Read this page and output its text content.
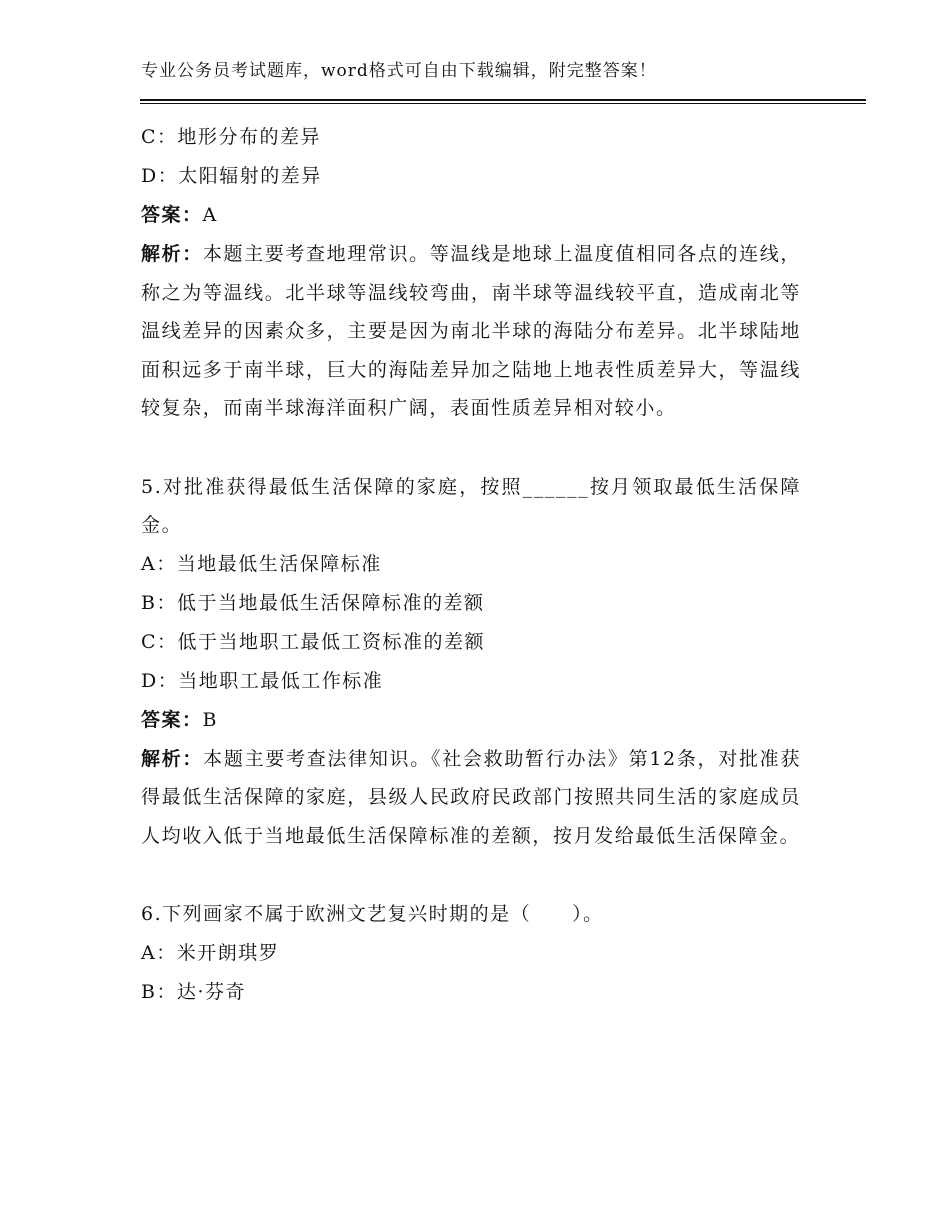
专业公务员考试题库，word格式可自由下载编辑，附完整答案！
C：地形分布的差异
D：太阳辐射的差异
答案：A
解析：本题主要考查地理常识。等温线是地球上温度值相同各点的连线，称之为等温线。北半球等温线较弯曲，南半球等温线较平直，造成南北等温线差异的因素众多，主要是因为南北半球的海陆分布差异。北半球陆地面积远多于南半球，巨大的海陆差异加之陆地上地表性质差异大，等温线较复杂，而南半球海洋面积广阔，表面性质差异相对较小。
5.对批准获得最低生活保障的家庭，按照______按月领取最低生活保障金。
A：当地最低生活保障标准
B：低于当地最低生活保障标准的差额
C：低于当地职工最低工资标准的差额
D：当地职工最低工作标准
答案：B
解析：本题主要考查法律知识。《社会救助暂行办法》第12条，对批准获得最低生活保障的家庭，县级人民政府民政部门按照共同生活的家庭成员人均收入低于当地最低生活保障标准的差额，按月发给最低生活保障金。
6.下列画家不属于欧洲文艺复兴时期的是（　　）。
A：米开朗琪罗
B：达·芬奇
